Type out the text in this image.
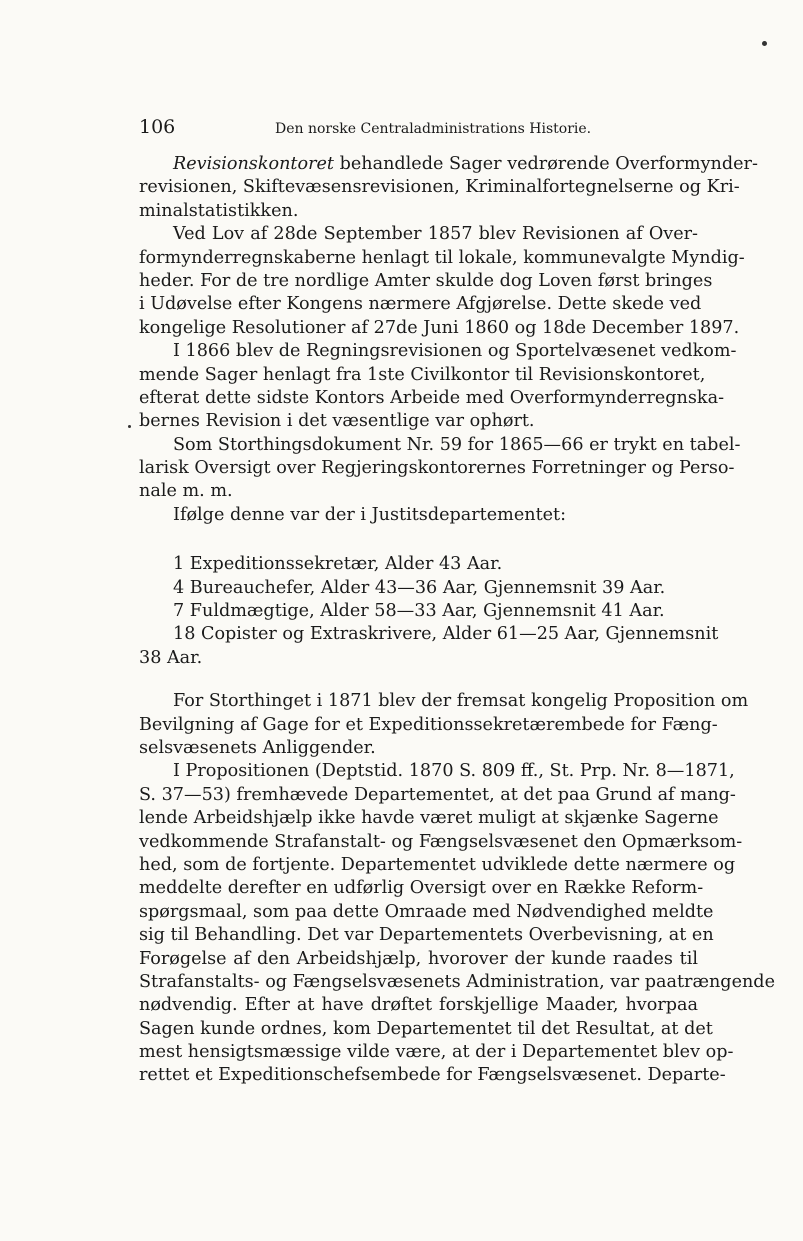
106	Den norske Centraladministrations Historie.
Revisionskontoret behandlede Sager vedrørende Overformynder-
revisionen, Skiftevæsensrevisionen, Kriminalfortegnelserne og Kri-
minalstatistikken.
Ved Lov af 28de September 1857 blev Revisionen af Over-
formynderregnskaberne henlagt til lokale, kommunevalgte Myndig-
heder. For de tre nordlige Amter skulde dog Loven først bringes
i Udøvelse efter Kongens nærmere Afgjørelse. Dette skede ved
kongelige Resolutioner af 27de Juni 1860 og 18de December 1897.
I 1866 blev de Regningsrevisionen og Sportelvæsenet vedkom-
mende Sager henlagt fra 1ste Civilkontor til Revisionskontoret,
efterat dette sidste Kontors Arbeide med Overformynderregnska-
bernes Revision i det væsentlige var ophørt.
Som Storthingsdokument Nr. 59 for 1865—66 er trykt en tabel-
larisk Oversigt over Regjeringskontorernes Forretninger og Perso-
nale m. m.
Ifølge denne var der i Justitsdepartementet:
1 Expeditionssekretær, Alder 43 Aar.
4 Bureauchefer, Alder 43—36 Aar, Gjennemsnit 39 Aar.
7 Fuldmægtige, Alder 58—33 Aar, Gjennemsnit 41 Aar.
18 Copister og Extraskrivere, Alder 61—25 Aar, Gjennemsnit
38 Aar.
For Storthinget i 1871 blev der fremsat kongelig Proposition om
Bevilgning af Gage for et Expeditionssekretærembede for Fæng-
selsvæsenets Anliggender.
I Propositionen (Deptstid. 1870 S. 809 ff., St. Prp. Nr. 8—1871,
S. 37—53) fremhævede Departementet, at det paa Grund af mang-
lende Arbeidshjælp ikke havde været muligt at skjænke Sagerne
vedkommende Strafanstalt- og Fængselsvæsenet den Opmærksom-
hed, som de fortjente. Departementet udviklede dette nærmere og
meddelte derefter en udførlig Oversigt over en Række Reform-
spørgsmaal, som paa dette Omraade med Nødvendighed meldte
sig til Behandling. Det var Departementets Overbevisning, at en
Forøgelse af den Arbeidshjælp, hvorover der kunde raades til
Strafanstalts- og Fængselsvæsenets Administration, var paatrængende
nødvendig. Efter at have drøftet forskjellige Maader, hvorpaa
Sagen kunde ordnes, kom Departementet til det Resultat, at det
mest hensigtsmæssige vilde være, at der i Departementet blev op-
rettet et Expeditionschefsembede for Fængselsvæsenet. Departe-
